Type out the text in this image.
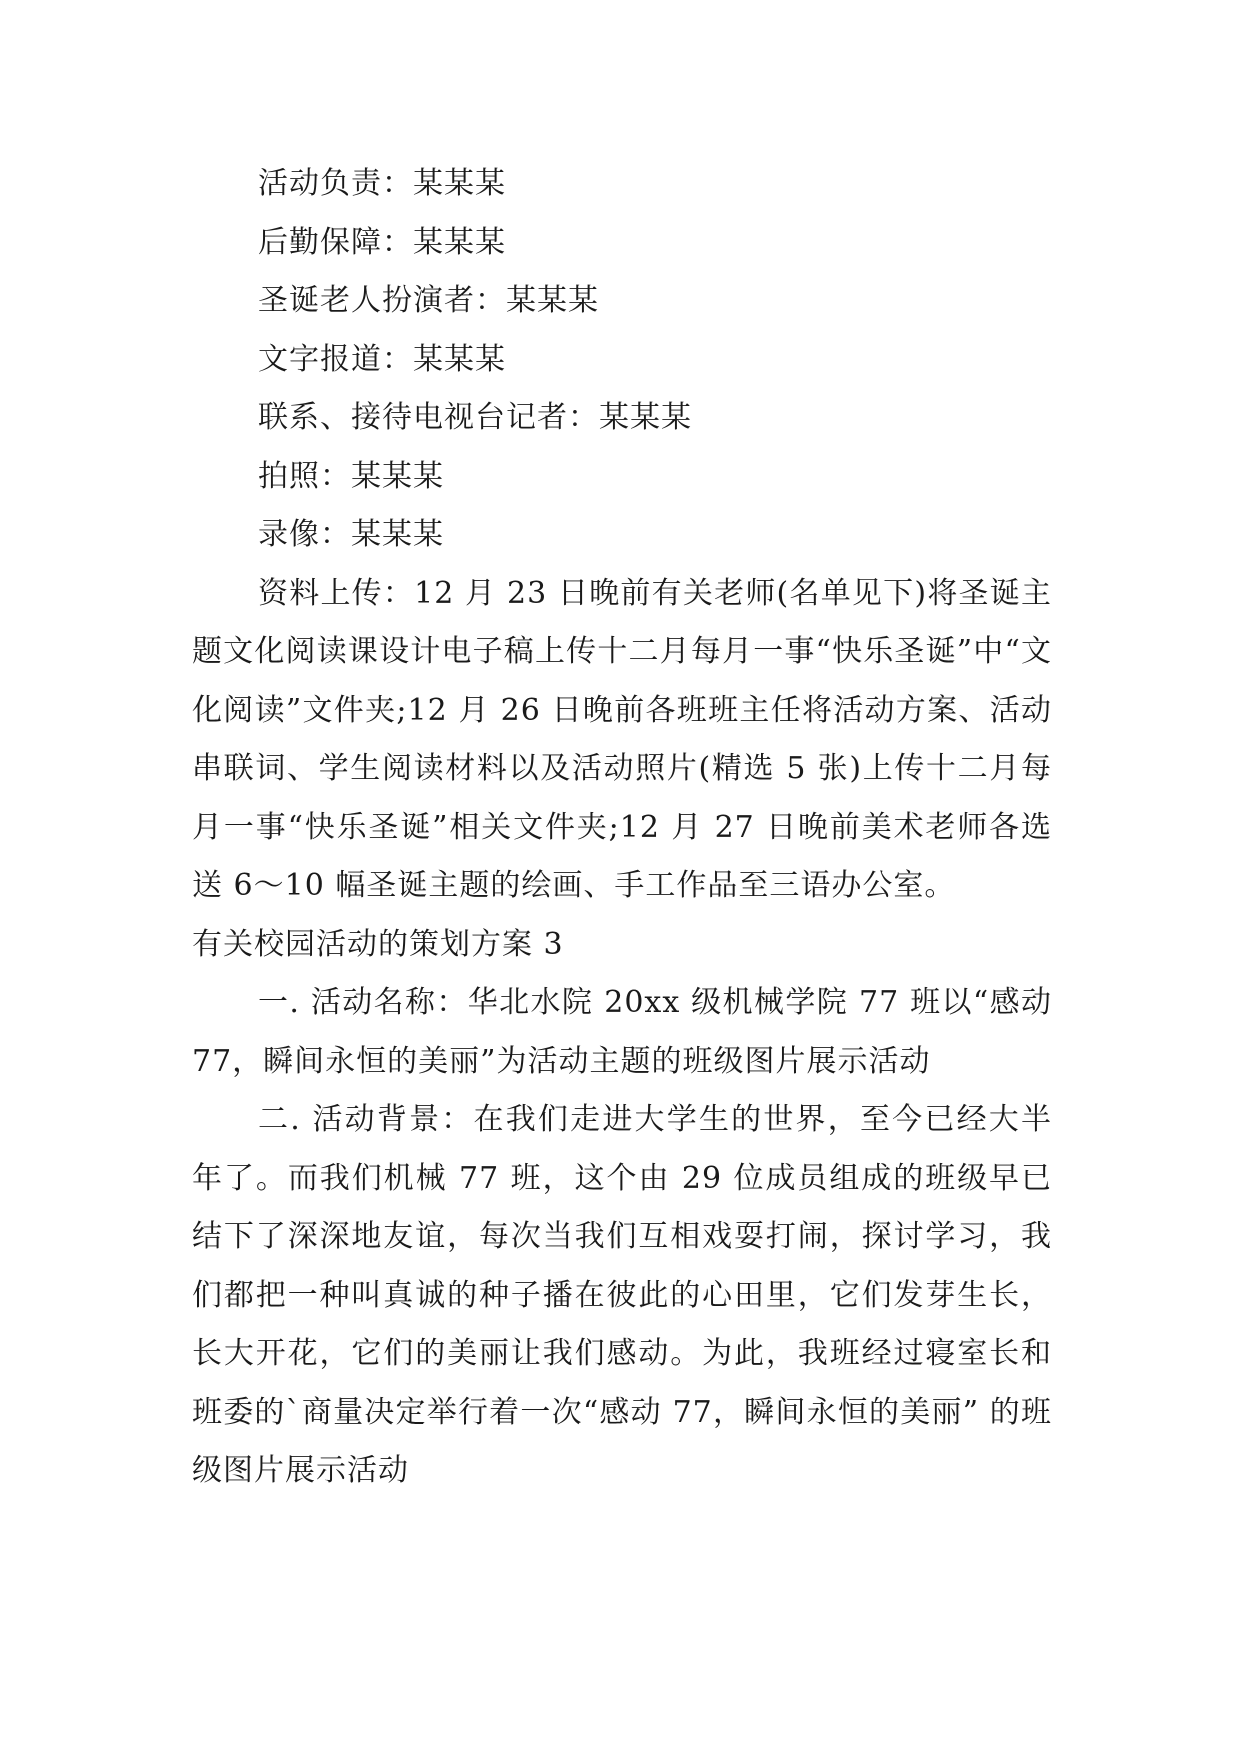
活动负责：某某某
后勤保障：某某某
圣诞老人扮演者：某某某
文字报道：某某某
联系、接待电视台记者：某某某
拍照：某某某
录像：某某某

资料上传：12 月 23 日晚前有关老师(名单见下)将圣诞主题文化阅读课设计电子稿上传十二月每月一事“快乐圣诞”中“文化阅读”文件夹;12 月 26 日晚前各班班主任将活动方案、活动串联词、学生阅读材料以及活动照片(精选 5 张)上传十二月每月一事“快乐圣诞”相关文件夹;12 月 27 日晚前美术老师各选送 6～10 幅圣诞主题的绘画、手工作品至三语办公室。

有关校园活动的策划方案 3

一. 活动名称：华北水院 20xx 级机械学院 77 班以“感动 77，瞬间永恒的美丽”为活动主题的班级图片展示活动

二. 活动背景：在我们走进大学生的世界，至今已经大半年了。而我们机械 77 班，这个由 29 位成员组成的班级早已结下了深深地友谊，每次当我们互相戏耍打闹，探讨学习，我们都把一种叫真诚的种子播在彼此的心田里，它们发芽生长，长大开花，它们的美丽让我们感动。为此，我班经过寝室长和班委的`商量决定举行着一次“感动 77，瞬间永恒的美丽” 的班级图片展示活动
